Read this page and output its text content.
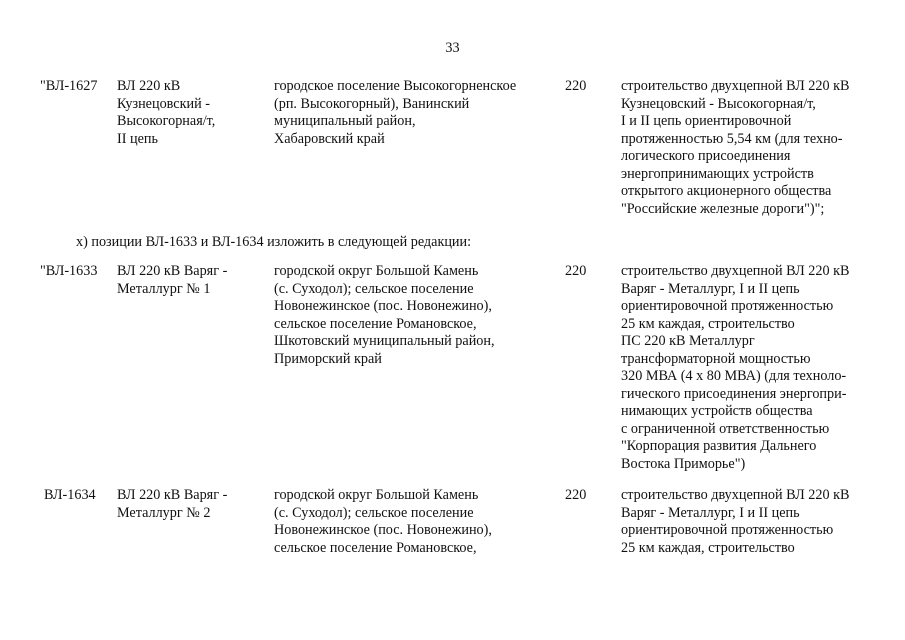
33
"ВЛ-1627 ВЛ 220 кВ
Кузнецовский -
Высокогорная/т,
II цепь
городское поселение Высокогорненское
(рп. Высокогорный), Ванинский
муниципальный район,
Хабаровский край
220 строительство двухцепной ВЛ 220 кВ
Кузнецовский - Высокогорная/т,
I и II цепь ориентировочной
протяженностью 5,54 км (для техно-
логического присоединения
энергопринимающих устройств
открытого акционерного общества
"Российские железные дороги")";
х) позиции ВЛ-1633 и ВЛ-1634 изложить в следующей редакции:
"ВЛ-1633 ВЛ 220 кВ Варяг -
Металлург № 1
городской округ Большой Камень
(с. Суходол); сельское поселение
Новонежинское (пос. Новонежино),
сельское поселение Романовское,
Шкотовский муниципальный район,
Приморский край
220 строительство двухцепной ВЛ 220 кВ
Варяг - Металлург, I и II цепь
ориентировочной протяженностью
25 км каждая, строительство
ПС 220 кВ Металлург
трансформаторной мощностью
320 МВА (4 х 80 МВА) (для техноло-
гического присоединения энергопри-
нимающих устройств общества
с ограниченной ответственностью
"Корпорация развития Дальнего
Востока Приморье")
ВЛ-1634 ВЛ 220 кВ Варяг -
Металлург № 2
городской округ Большой Камень
(с. Суходол); сельское поселение
Новонежинское (пос. Новонежино),
сельское поселение Романовское,
220 строительство двухцепной ВЛ 220 кВ
Варяг - Металлург, I и II цепь
ориентировочной протяженностью
25 км каждая, строительство
